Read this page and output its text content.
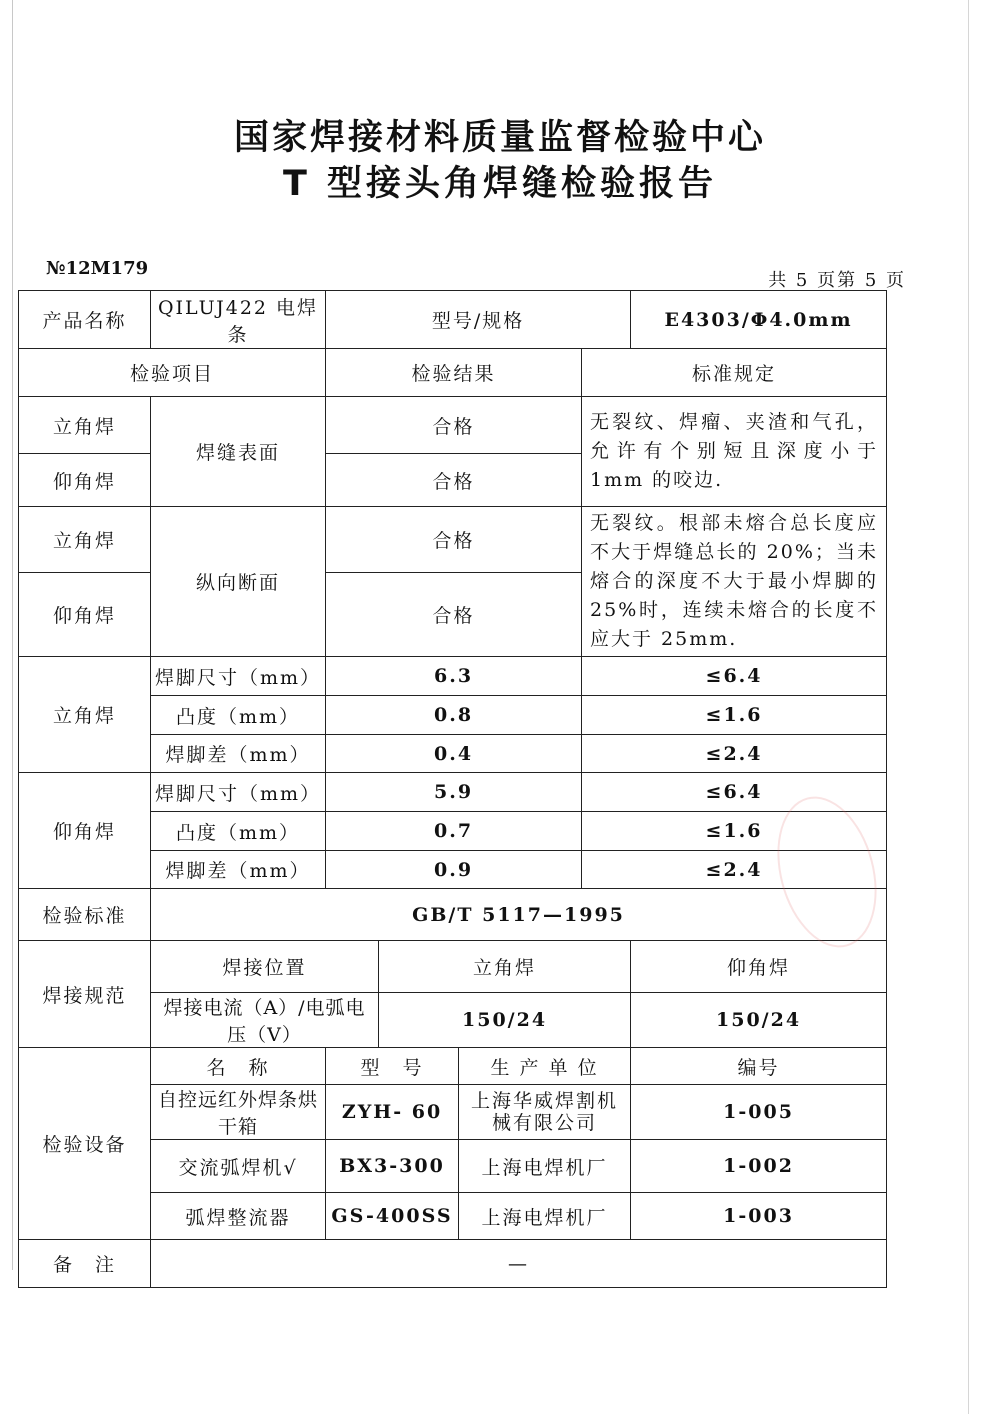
国家焊接材料质量监督检验中心
T 型接头角焊缝检验报告
№12M179
共 5 页第 5 页
产品名称	QILUJ422 电焊条	型号/规格				E4303/Φ4.0mm
检验项目		检验结果			标准规定	
立角焊	焊缝表面	合格			无裂纹、焊瘤、夹渣和气孔，允许有个别短且深度小于 1mm 的咬边.	
仰角焊		合格				
立角焊	纵向断面	合格			无裂纹。根部未熔合总长度应不大于焊缝总长的 20%；当未熔合的深度不大于最小焊脚的 25%时，连续未熔合的长度不应大于 25mm.	
仰角焊		合格				
立角焊	焊脚尺寸（mm）	6.3			≤6.4	
	凸度（mm）	0.8			≤1.6	
	焊脚差（mm）	0.4			≤2.4	
仰角焊	焊脚尺寸（mm）	5.9			≤6.4	
	凸度（mm）	0.7			≤1.6	
	焊脚差（mm）	0.9			≤2.4	
检验标准	GB/T 5117—1995					
焊接规范	焊接位置		立角焊			仰角焊
	焊接电流（A）/电弧电压（V）		150/24			150/24
检验设备	名　称	型　号		生 产 单 位		编号
	自控远红外焊条烘干箱	ZYH- 60		上海华威焊割机械有限公司		1-005
	交流弧焊机√	BX3-300		上海电焊机厂		1-002
	弧焊整流器	GS-400SS		上海电焊机厂		1-003
备　注	—					
